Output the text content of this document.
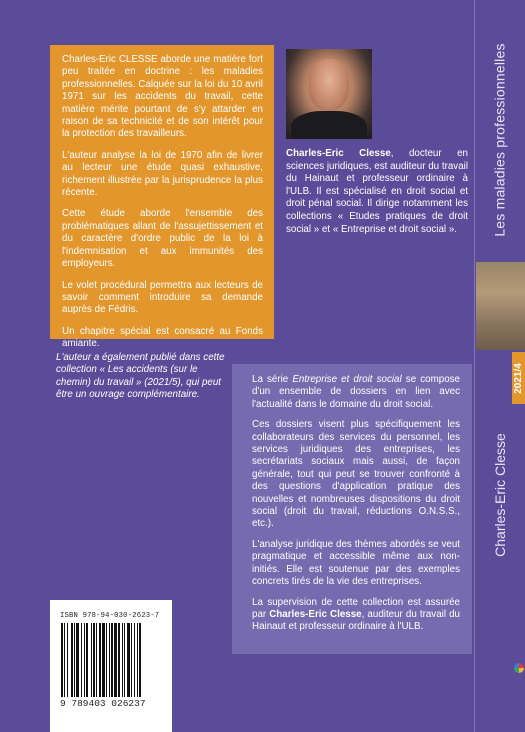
Les maladies professionnelles
2021/4
Charles-Eric Clesse

Charles-Eric CLESSE aborde une matière fort peu traitée en doctrine : les maladies professionnelles. Calquée sur la loi du 10 avril 1971 sur les accidents du travail, cette matière mérite pourtant de s'y attarder en raison de sa technicité et de son intérêt pour la protection des travailleurs.

L'auteur analyse la loi de 1970 afin de livrer au lecteur une étude quasi exhaustive, richement illustrée par la jurisprudence la plus récente.

Cette étude aborde l'ensemble des problématiques allant de l'assujettissement et du caractère d'ordre public de la loi à l'indemnisation et aux immunités des employeurs.

Le volet procédural permettra aux lecteurs de savoir comment introduire sa demande auprès de Fédris.

Un chapitre spécial est consacré au Fonds amiante.

Charles-Eric Clesse, docteur en sciences juridiques, est auditeur du travail du Hainaut et professeur ordinaire à l'ULB. Il est spécialisé en droit social et droit pénal social. Il dirige notamment les collections « Etudes pratiques de droit social » et « Entreprise et droit social ».
L'auteur a également publié dans cette collection « Les accidents (sur le chemin) du travail » (2021/5), qui peut être un ouvrage complémentaire.

La série Entreprise et droit social se compose d'un ensemble de dossiers en lien avec l'actualité dans le domaine du droit social.

Ces dossiers visent plus spécifiquement les collaborateurs des services du personnel, les services juridiques des entreprises, les secrétariats sociaux mais aussi, de façon générale, tout qui peut se trouver confronté à des questions d'application pratique des nouvelles et nombreuses dispositions du droit social (droit du travail, réductions O.N.S.S., etc.).

L'analyse juridique des thèmes abordés se veut pragmatique et accessible même aux non-initiés. Elle est soutenue par des exemples concrets tirés de la vie des entreprises.

La supervision de cette collection est assurée par Charles-Eric Clesse, auditeur du travail du Hainaut et professeur ordinaire à l'ULB.

ISBN 978-94-030-2623-7
9 789403 026237
